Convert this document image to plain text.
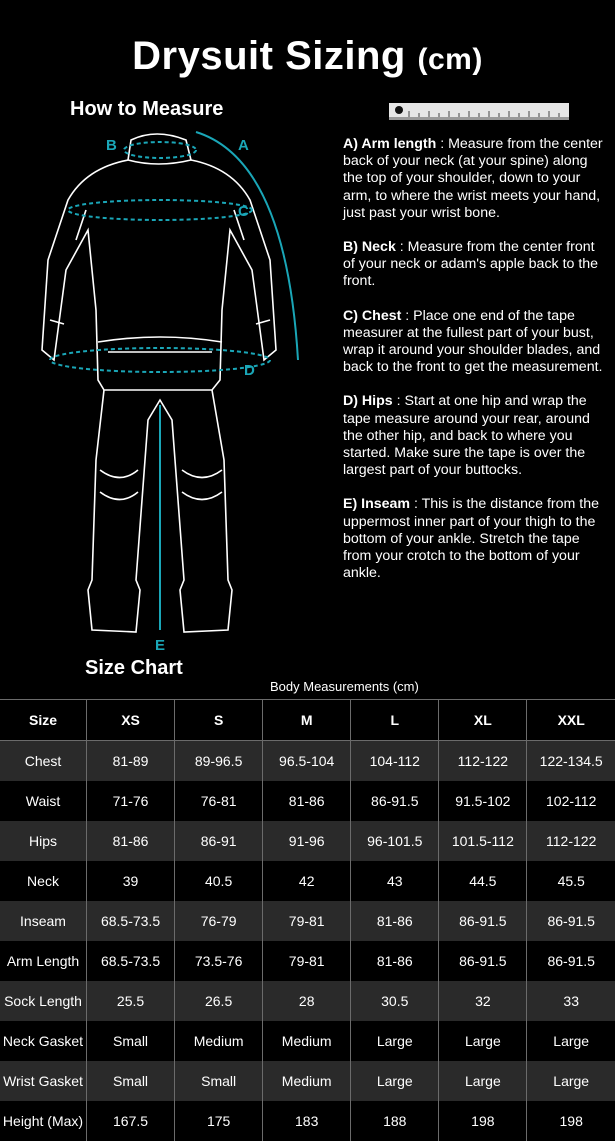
Drysuit Sizing (cm)
How to Measure
B	A
C
D
E

A) Arm length : Measure from the center back of your neck (at your spine) along the top of your shoulder, down to your arm, to where the wrist meets your hand, just past your wrist bone.

B) Neck : Measure from the center front of your neck or adam's apple back to the front.

C) Chest : Place one end of the tape measurer at the fullest part of your bust, wrap it around your shoulder blades, and back to the front to get the measurement.

D) Hips : Start at one hip and wrap the tape measure around your rear, around the other hip, and back to where you started. Make sure the tape is over the largest part of your buttocks.

E) Inseam : This is the distance from the uppermost inner part of your thigh to the bottom of your ankle. Stretch the tape from your crotch to the bottom of your ankle.

Size Chart
Body Measurements (cm)
Size	XS	S	M	L	XL	XXL
Chest	81-89	89-96.5	96.5-104	104-112	112-122	122-134.5
Waist	71-76	76-81	81-86	86-91.5	91.5-102	102-112
Hips	81-86	86-91	91-96	96-101.5	101.5-112	112-122
Neck	39	40.5	42	43	44.5	45.5
Inseam	68.5-73.5	76-79	79-81	81-86	86-91.5	86-91.5
Arm Length	68.5-73.5	73.5-76	79-81	81-86	86-91.5	86-91.5
Sock Length	25.5	26.5	28	30.5	32	33
Neck Gasket	Small	Medium	Medium	Large	Large	Large
Wrist Gasket	Small	Small	Medium	Large	Large	Large
Height (Max)	167.5	175	183	188	198	198
